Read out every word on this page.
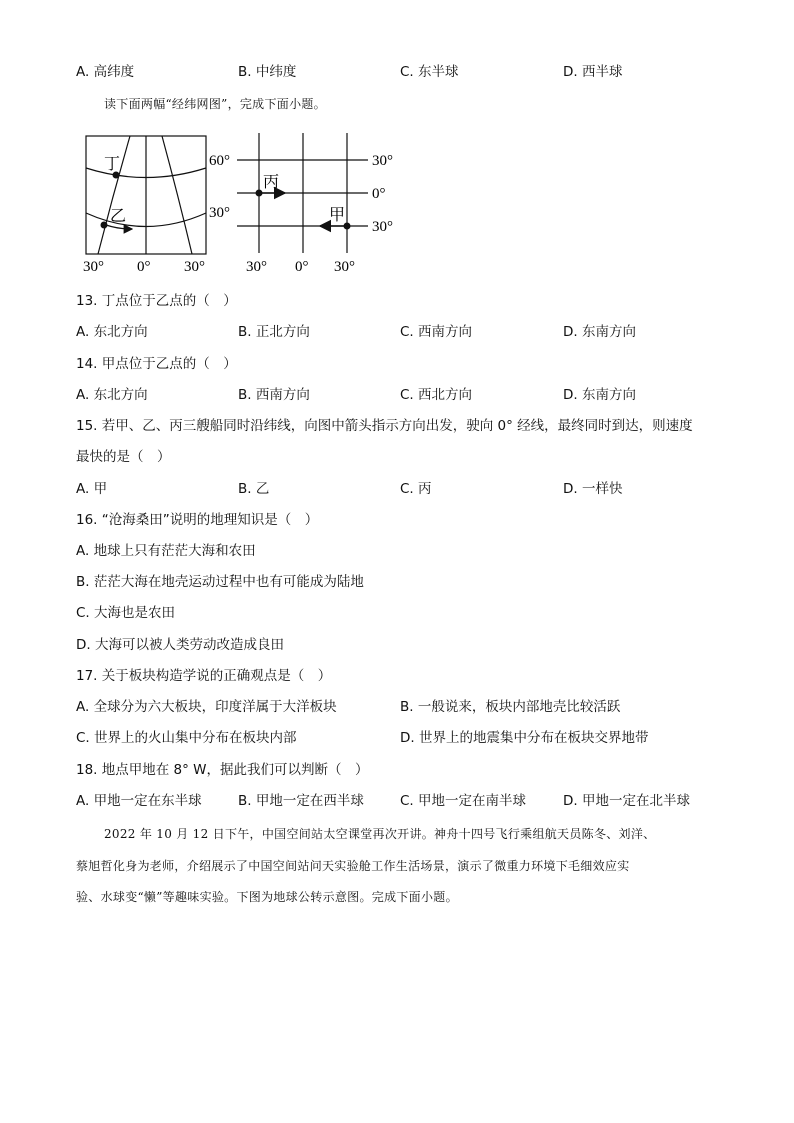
A. 高纬度	B. 中纬度	C. 东半球	D. 西半球
读下面两幅“经纬网图”，完成下面小题。
丁
乙
60°
30°
30° 0° 30°
丙
甲
30°
0°
30°
30° 0° 30°
13. 丁点位于乙点的（　）
A. 东北方向	B. 正北方向	C. 西南方向	D. 东南方向
14. 甲点位于乙点的（　）
A. 东北方向	B. 西南方向	C. 西北方向	D. 东南方向
15. 若甲、乙、丙三艘船同时沿纬线，向图中箭头指示方向出发，驶向 0° 经线，最终同时到达，则速度
最快的是（　）
A. 甲	B. 乙	C. 丙	D. 一样快
16. “沧海桑田”说明的地理知识是（　）
A. 地球上只有茫茫大海和农田
B. 茫茫大海在地壳运动过程中也有可能成为陆地
C. 大海也是农田
D. 大海可以被人类劳动改造成良田
17. 关于板块构造学说的正确观点是（　）
A. 全球分为六大板块，印度洋属于大洋板块	B. 一般说来，板块内部地壳比较活跃
C. 世界上的火山集中分布在板块内部	D. 世界上的地震集中分布在板块交界地带
18. 地点甲地在 8° W，据此我们可以判断（　）
A. 甲地一定在东半球	B. 甲地一定在西半球	C. 甲地一定在南半球	D. 甲地一定在北半球
2022 年 10 月 12 日下午，中国空间站太空课堂再次开讲。神舟十四号飞行乘组航天员陈冬、刘洋、
蔡旭哲化身为老师，介绍展示了中国空间站问天实验舱工作生活场景，演示了微重力环境下毛细效应实
验、水球变“懒”等趣味实验。下图为地球公转示意图。完成下面小题。
